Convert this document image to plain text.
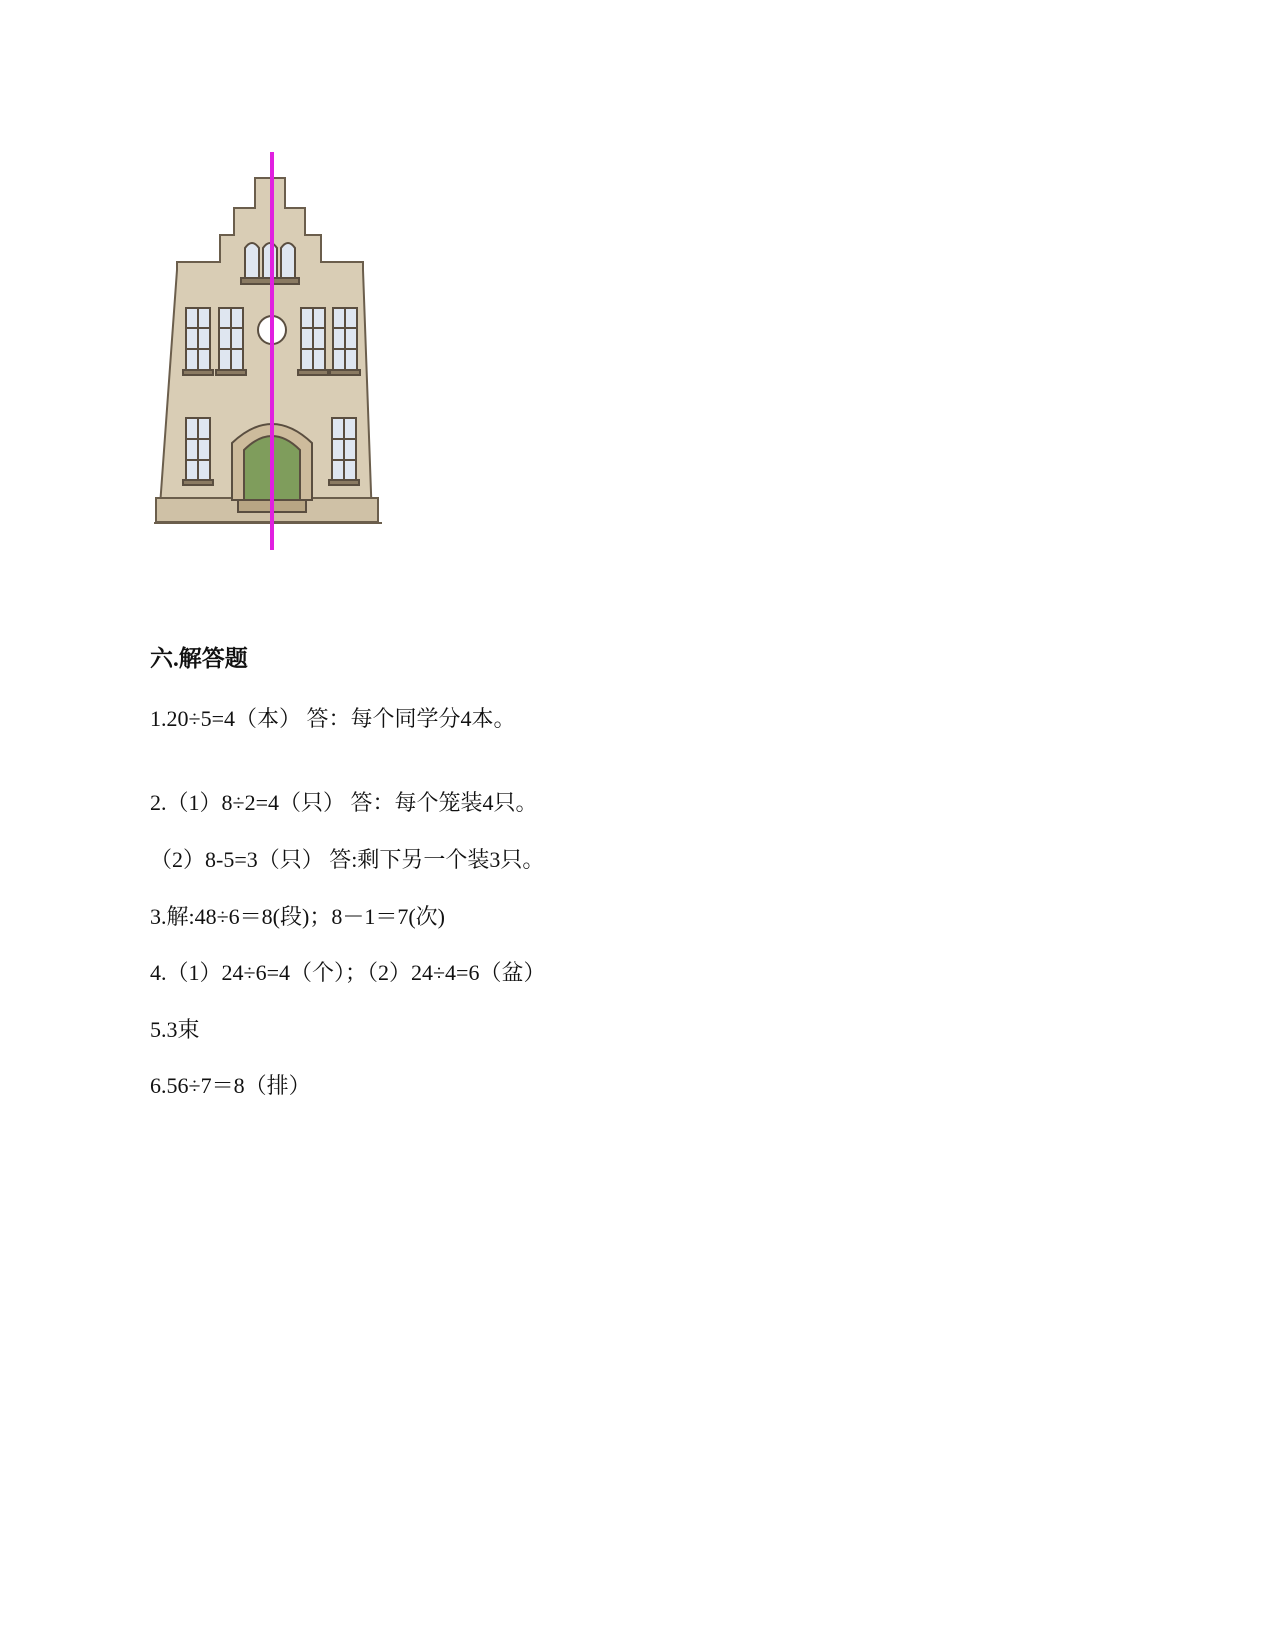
六.解答题

1.20÷5=4（本） 答：每个同学分4本。

2.（1）8÷2=4（只） 答：每个笼装4只。

（2）8-5=3（只） 答:剩下另一个装3只。

3.解:48÷6＝8(段)；8－1＝7(次)

4.（1）24÷6=4（个）；（2）24÷4=6（盆）

5.3束

6.56÷7＝8（排）
